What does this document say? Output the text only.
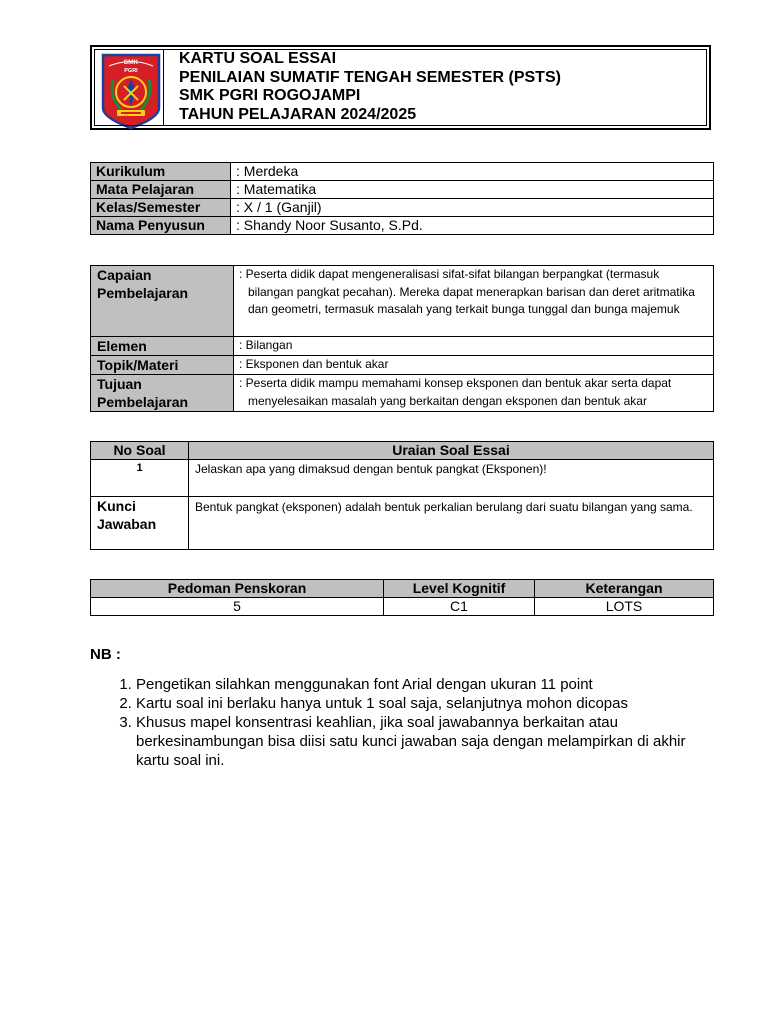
SMK
PGRI
KARTU SOAL ESSAI
PENILAIAN SUMATIF TENGAH SEMESTER (PSTS)
SMK PGRI ROGOJAMPI
TAHUN PELAJARAN 2024/2025
Kurikulum	: Merdeka
Mata Pelajaran	: Matematika
Kelas/Semester	: X / 1 (Ganjil)
Nama Penyusun	: Shandy Noor Susanto, S.Pd.
Capaian Pembelajaran	: Peserta didik dapat mengeneralisasi sifat-sifat bilangan berpangkat (termasuk bilangan pangkat pecahan). Mereka dapat menerapkan barisan dan deret aritmatika dan geometri, termasuk masalah yang terkait bunga tunggal dan bunga majemuk

Elemen	: Bilangan
Topik/Materi	: Eksponen dan bentuk akar
Tujuan Pembelajaran	: Peserta didik mampu memahami konsep eksponen dan bentuk akar serta dapat menyelesaikan masalah yang berkaitan dengan eksponen dan bentuk akar
No Soal	Uraian Soal Essai
1	Jelaskan apa yang dimaksud dengan bentuk pangkat (Eksponen)!
Kunci Jawaban	Bentuk pangkat (eksponen) adalah bentuk perkalian berulang dari suatu bilangan yang sama.
Pedoman Penskoran	Level Kognitif	Keterangan
5	C1	LOTS
NB :
1. Pengetikan silahkan menggunakan font Arial dengan ukuran 11 point
2. Kartu soal ini berlaku hanya untuk 1 soal saja, selanjutnya mohon dicopas
3. Khusus mapel konsentrasi keahlian, jika soal jawabannya berkaitan atau berkesinambungan bisa diisi satu kunci jawaban saja dengan melampirkan di akhir kartu soal ini.
